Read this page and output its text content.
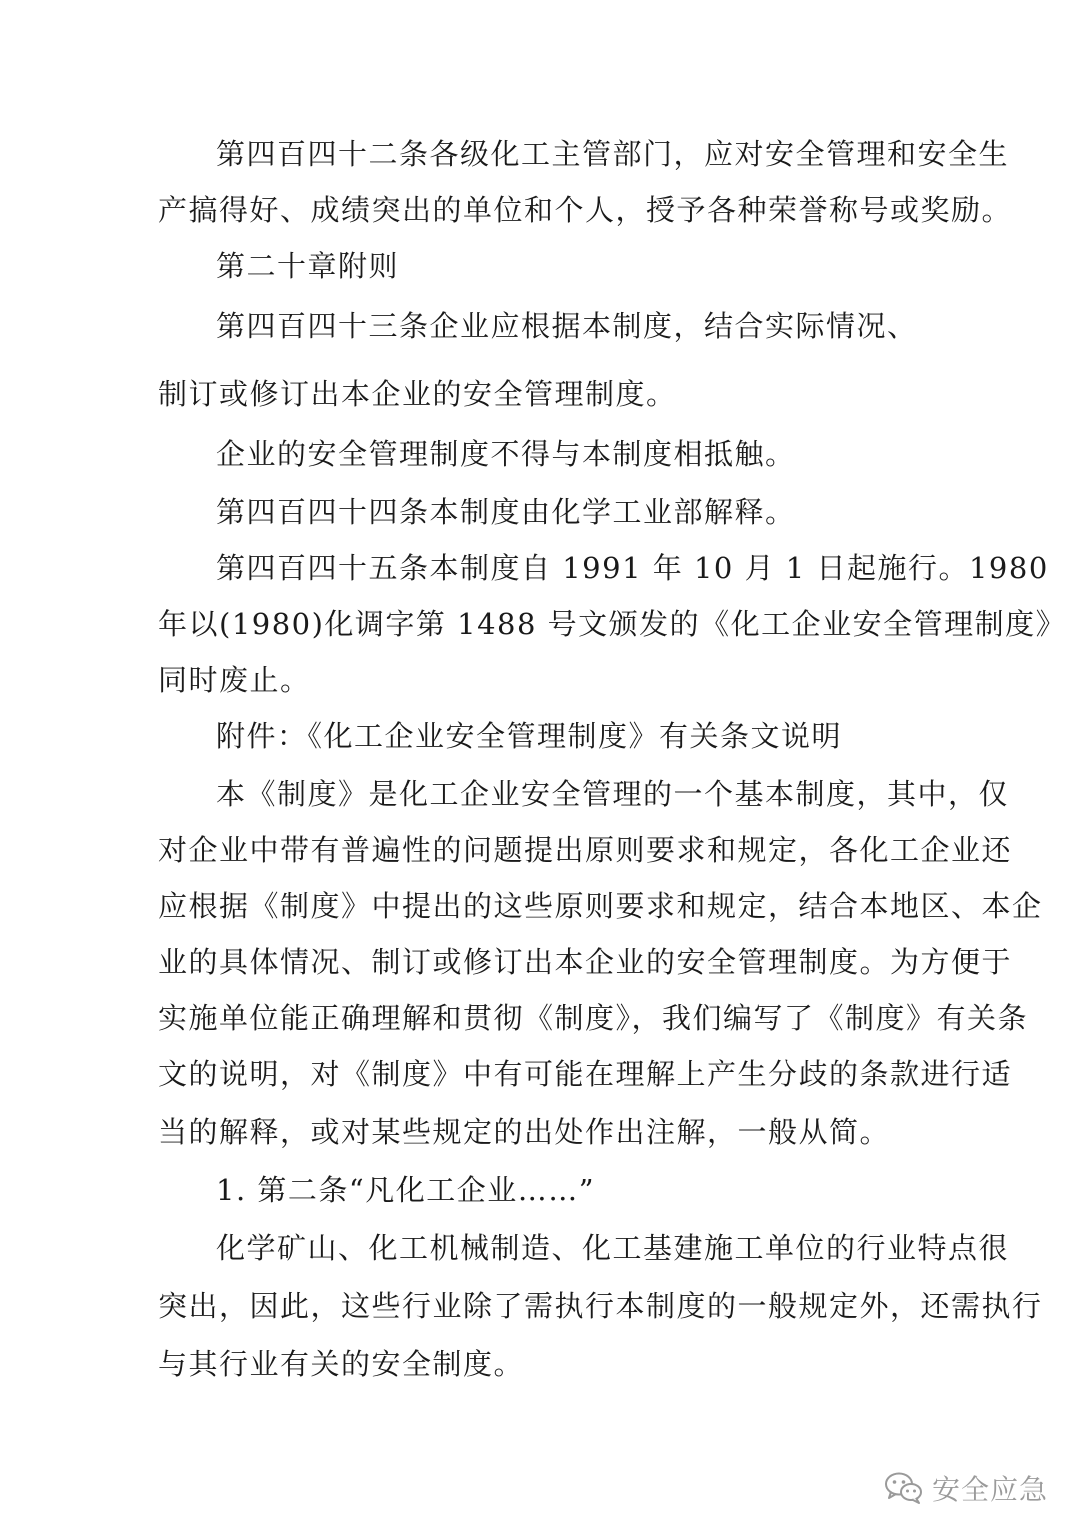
第四百四十二条各级化工主管部门，应对安全管理和安全生
产搞得好、成绩突出的单位和个人，授予各种荣誉称号或奖励。
第二十章附则
第四百四十三条企业应根据本制度，结合实际情况、
制订或修订出本企业的安全管理制度。
企业的安全管理制度不得与本制度相抵触。
第四百四十四条本制度由化学工业部解释。
第四百四十五条本制度自 1991 年 10 月 1 日起施行。1980
年以(1980)化调字第 1488 号文颁发的《化工企业安全管理制度》
同时废止。
附件：《化工企业安全管理制度》有关条文说明
本《制度》是化工企业安全管理的一个基本制度，其中，仅
对企业中带有普遍性的问题提出原则要求和规定，各化工企业还
应根据《制度》中提出的这些原则要求和规定，结合本地区、本企
业的具体情况、制订或修订出本企业的安全管理制度。为方便于
实施单位能正确理解和贯彻《制度》，我们编写了《制度》有关条
文的说明，对《制度》中有可能在理解上产生分歧的条款进行适
当的解释，或对某些规定的出处作出注解，一般从简。
1. 第二条“凡化工企业……”
化学矿山、化工机械制造、化工基建施工单位的行业特点很
突出，因此，这些行业除了需执行本制度的一般规定外，还需执行
与其行业有关的安全制度。
安全应急
